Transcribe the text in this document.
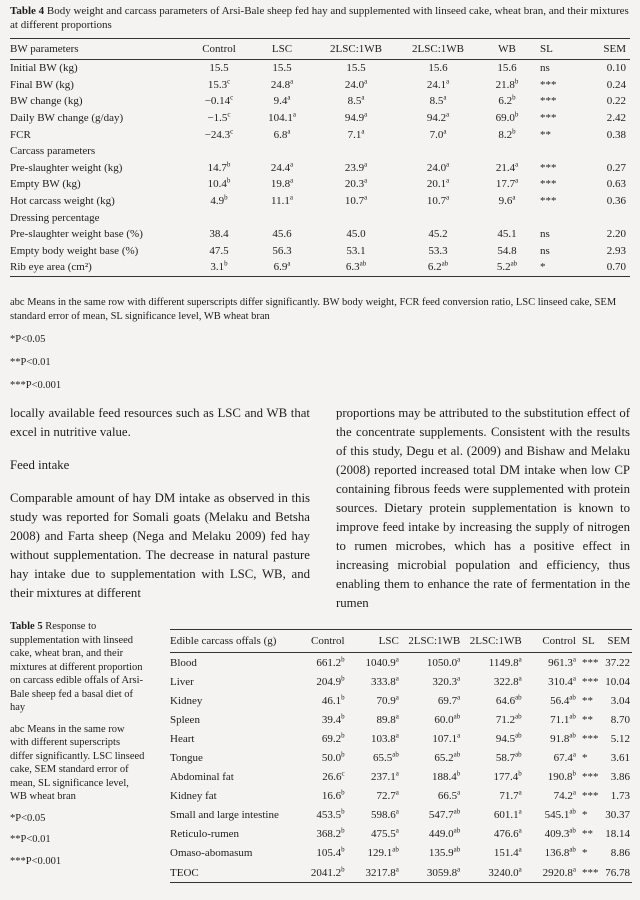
Table 4 Body weight and carcass parameters of Arsi-Bale sheep fed hay and supplemented with linseed cake, wheat bran, and their mixtures at different proportions
BW parameters	Control	LSC	2LSC:1WB	2LSC:1WB	WB	SL	SEM
Initial BW (kg)	15.5	15.5	15.5	15.6	15.6	ns	0.10
Final BW (kg)	15.3$^c$	24.8$^a$	24.0$^a$	24.1$^a$	21.8$^b$	***	0.24
BW change (kg)	−0.14$^c$	9.4$^a$	8.5$^a$	8.5$^a$	6.2$^b$	***	0.22
Daily BW change (g/day)	−1.5$^c$	104.1$^a$	94.9$^a$	94.2$^a$	69.0$^b$	***	2.42
FCR	−24.3$^c$	6.8$^a$	7.1$^a$	7.0$^a$	8.2$^b$	**	0.38
Carcass parameters							
Pre-slaughter weight (kg)	14.7$^b$	24.4$^a$	23.9$^a$	24.0$^a$	21.4$^a$	***	0.27
Empty BW (kg)	10.4$^b$	19.8$^a$	20.3$^a$	20.1$^a$	17.7$^a$	***	0.63
Hot carcass weight (kg)	4.9$^b$	11.1$^a$	10.7$^a$	10.7$^a$	9.6$^a$	***	0.36
Dressing percentage							
Pre-slaughter weight base (%)	38.4	45.6	45.0	45.2	45.1	ns	2.20
Empty body weight base (%)	47.5	56.3	53.1	53.3	54.8	ns	2.93
Rib eye area (cm²)	3.1$^b$	6.9$^a$	6.3$^{ab}$	6.2$^{ab}$	5.2$^{ab}$	*	0.70

abc Means in the same row with different superscripts differ significantly. BW body weight, FCR feed conversion ratio, LSC linseed cake, SEM standard error of mean, SL significance level, WB wheat bran

*P<0.05

**P<0.01

***P<0.001

locally available feed resources such as LSC and WB that excel in nutritive value.

Feed intake

Comparable amount of hay DM intake as observed in this study was reported for Somali goats (Melaku and Betsha 2008) and Farta sheep (Nega and Melaku 2009) fed hay without supplementation. The decrease in natural pasture hay intake due to supplementation with LSC, WB, and their mixtures at different

proportions may be attributed to the substitution effect of the concentrate supplements. Consistent with the results of this study, Degu et al. (2009) and Bishaw and Melaku (2008) reported increased total DM intake when low CP containing fibrous feeds were supplemented with protein sources. Dietary protein supplementation is known to improve feed intake by increasing the supply of nitrogen to rumen microbes, which has a positive effect in increasing microbial population and efficiency, thus enabling them to enhance the rate of fermentation in the rumen

Table 5 Response to supplementation with linseed cake, wheat bran, and their mixtures at different proportion on carcass edible offals of Arsi-Bale sheep fed a basal diet of hay

abc Means in the same row with different superscripts differ significantly. LSC linseed cake, SEM standard error of mean, SL significance level, WB wheat bran

*P<0.05

**P<0.01

***P<0.001

Edible carcass offals (g)	Control	LSC	2LSC:1WB	2LSC:1WB	Control	SL	SEM
Blood	661.2$^b$	1040.9$^a$	1050.0$^a$	1149.8$^a$	961.3$^a$	***	37.22
Liver	204.9$^b$	333.8$^a$	320.3$^a$	322.8$^a$	310.4$^a$	***	10.04
Kidney	46.1$^b$	70.9$^a$	69.7$^a$	64.6$^{ab}$	56.4$^{ab}$	**	3.04
Spleen	39.4$^b$	89.8$^a$	60.0$^{ab}$	71.2$^{ab}$	71.1$^{ab}$	**	8.70
Heart	69.2$^b$	103.8$^a$	107.1$^a$	94.5$^{ab}$	91.8$^{ab}$	***	5.12
Tongue	50.0$^b$	65.5$^{ab}$	65.2$^{ab}$	58.7$^{ab}$	67.4$^a$	*	3.61
Abdominal fat	26.6$^c$	237.1$^a$	188.4$^b$	177.4$^b$	190.8$^b$	***	3.86
Kidney fat	16.6$^b$	72.7$^a$	66.5$^a$	71.7$^a$	74.2$^a$	***	1.73
Small and large intestine	453.5$^b$	598.6$^a$	547.7$^{ab}$	601.1$^a$	545.1$^{ab}$	*	30.37
Reticulo-rumen	368.2$^b$	475.5$^a$	449.0$^{ab}$	476.6$^a$	409.3$^{ab}$	**	18.14
Omaso-abomasum	105.4$^b$	129.1$^{ab}$	135.9$^{ab}$	151.4$^a$	136.8$^{ab}$	*	8.86
TEOC	2041.2$^b$	3217.8$^a$	3059.8$^a$	3240.0$^a$	2920.8$^a$	***	76.78
